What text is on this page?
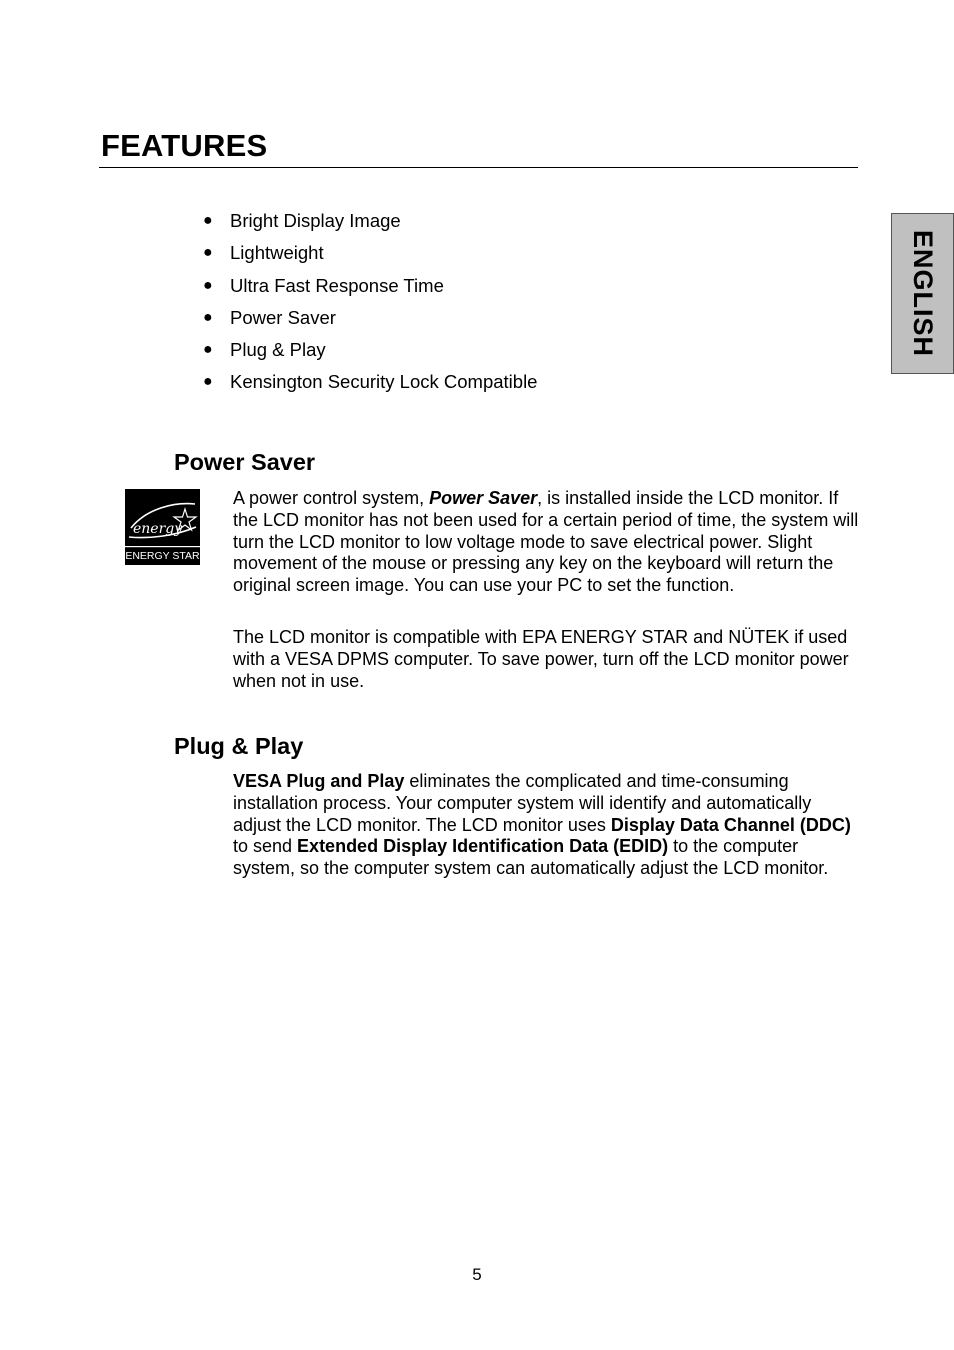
FEATURES
ENGLISH
● Bright Display Image
● Lightweight
● Ultra Fast Response Time
● Power Saver
● Plug & Play
● Kensington Security Lock Compatible
Power Saver
energy
ENERGY STAR

A power control system, Power Saver, is installed inside the LCD monitor. If the LCD monitor has not been used for a certain period of time, the system will turn the LCD monitor to low voltage mode to save electrical power. Slight movement of the mouse or pressing any key on the keyboard will return the original screen image. You can use your PC to set the function.

The LCD monitor is compatible with EPA ENERGY STAR and NÜTEK if used with a VESA DPMS computer. To save power, turn off the LCD monitor power when not in use.

Plug & Play

VESA Plug and Play eliminates the complicated and time-consuming installation process. Your computer system will identify and automatically adjust the LCD monitor. The LCD monitor uses Display Data Channel (DDC) to send Extended Display Identification Data (EDID) to the computer system, so the computer system can automatically adjust the LCD monitor.

5
